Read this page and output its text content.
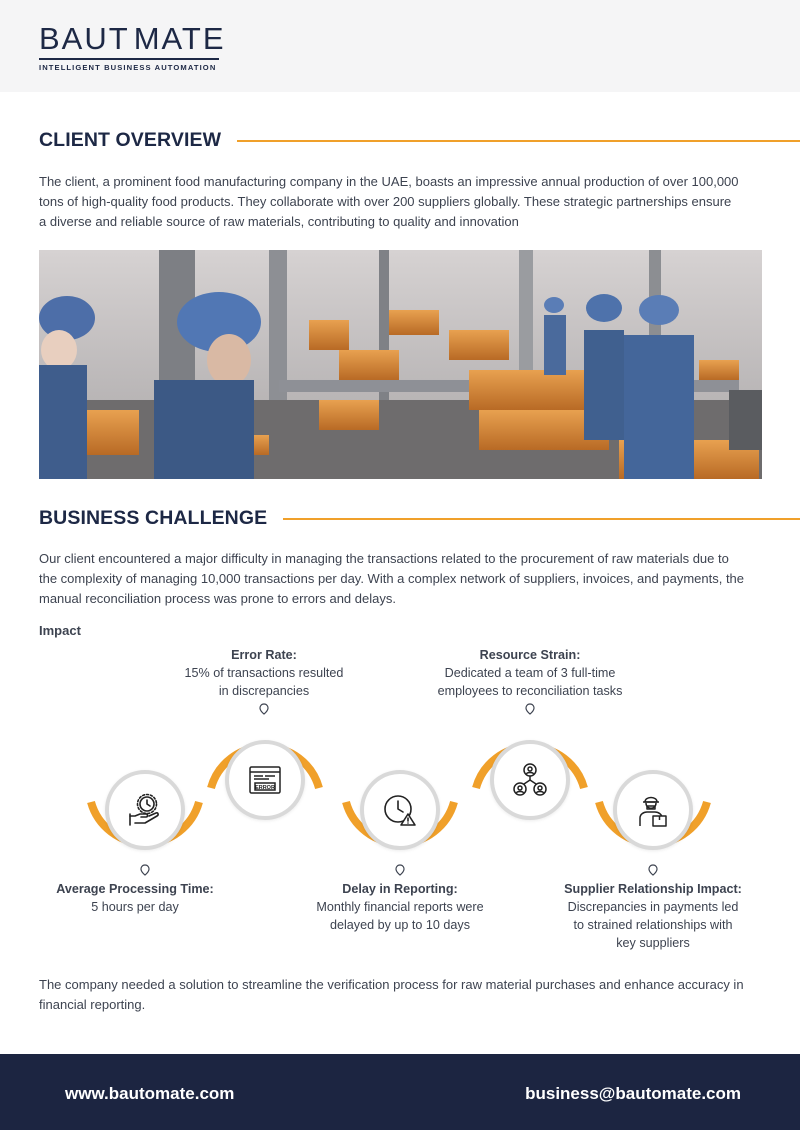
BAUT MATE
INTELLIGENT BUSINESS AUTOMATION
CLIENT OVERVIEW
The client, a prominent food manufacturing company in the UAE, boasts an impressive annual production of over 100,000
tons of high-quality food products. They collaborate with over 200 suppliers globally. These strategic partnerships ensure
a diverse and reliable source of raw materials, contributing to quality and innovation
BUSINESS CHALLENGE
Our client encountered a major difficulty in managing the transactions related to the procurement of raw materials due to
the complexity of managing 10,000 transactions per day. With a complex network of suppliers, invoices, and payments, the
manual reconciliation process was prone to errors and delays.
Impact
Error Rate:
15% of transactions resulted
in discrepancies
Resource Strain:
Dedicated a team of 3 full-time
employees to reconciliation tasks
ERROR
Average Processing Time:
5 hours per day
Delay in Reporting:
Monthly financial reports were
delayed by up to 10 days
Supplier Relationship Impact:
Discrepancies in payments led
to strained relationships with
key suppliers
The company needed a solution to streamline the verification process for raw material purchases and enhance accuracy in
financial reporting.
www.bautomate.com	business@bautomate.com
